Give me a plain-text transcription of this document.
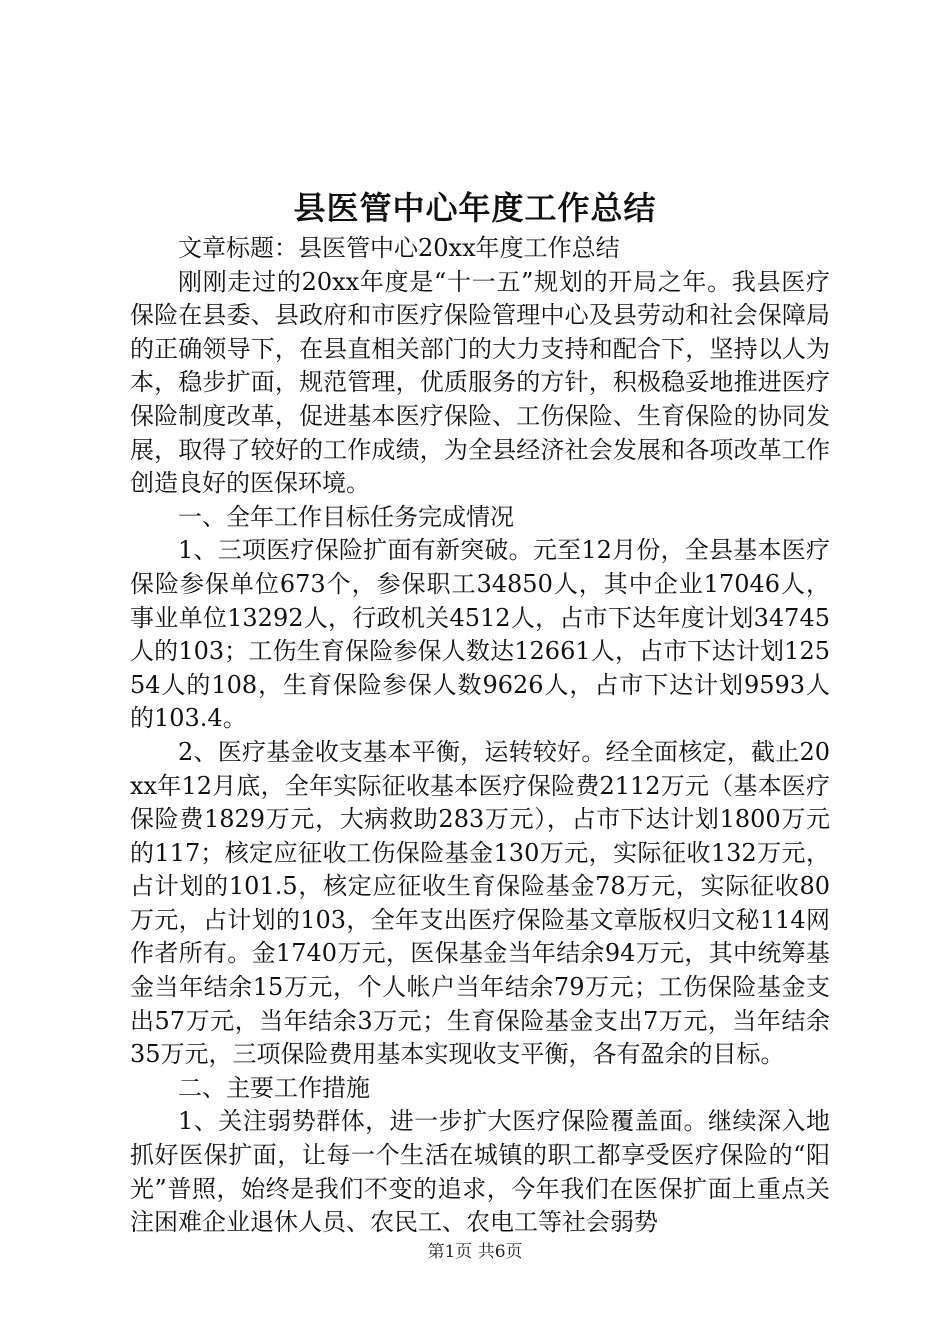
县医管中心年度工作总结

文章标题：县医管中心20xx年度工作总结

刚刚走过的20xx年度是“十一五”规划的开局之年。我县医疗保险在县委、县政府和市医疗保险管理中心及县劳动和社会保障局的正确领导下，在县直相关部门的大力支持和配合下，坚持以人为本，稳步扩面，规范管理，优质服务的方针，积极稳妥地推进医疗保险制度改革，促进基本医疗保险、工伤保险、生育保险的协同发展，取得了较好的工作成绩，为全县经济社会发展和各项改革工作创造良好的医保环境。

一、全年工作目标任务完成情况

1、三项医疗保险扩面有新突破。元至12月份，全县基本医疗保险参保单位673个，参保职工34850人，其中企业17046人，事业单位13292人，行政机关4512人，占市下达年度计划34745人的103；工伤生育保险参保人数达12661人，占市下达计划12554人的108，生育保险参保人数9626人，占市下达计划9593人的103.4。

2、医疗基金收支基本平衡，运转较好。经全面核定，截止20xx年12月底，全年实际征收基本医疗保险费2112万元（基本医疗保险费1829万元，大病救助283万元），占市下达计划1800万元的117；核定应征收工伤保险基金130万元，实际征收132万元，占计划的101.5，核定应征收生育保险基金78万元，实际征收80万元，占计划的103，全年支出医疗保险基文章版权归文秘114网作者所有。金1740万元，医保基金当年结余94万元，其中统筹基金当年结余15万元，个人帐户当年结余79万元；工伤保险基金支出57万元，当年结余3万元；生育保险基金支出7万元，当年结余35万元，三项保险费用基本实现收支平衡，各有盈余的目标。

二、主要工作措施

1、关注弱势群体，进一步扩大医疗保险覆盖面。继续深入地抓好医保扩面，让每一个生活在城镇的职工都享受医疗保险的“阳光”普照，始终是我们不变的追求，今年我们在医保扩面上重点关注困难企业退休人员、农民工、农电工等社会弱势

第1页 共6页
